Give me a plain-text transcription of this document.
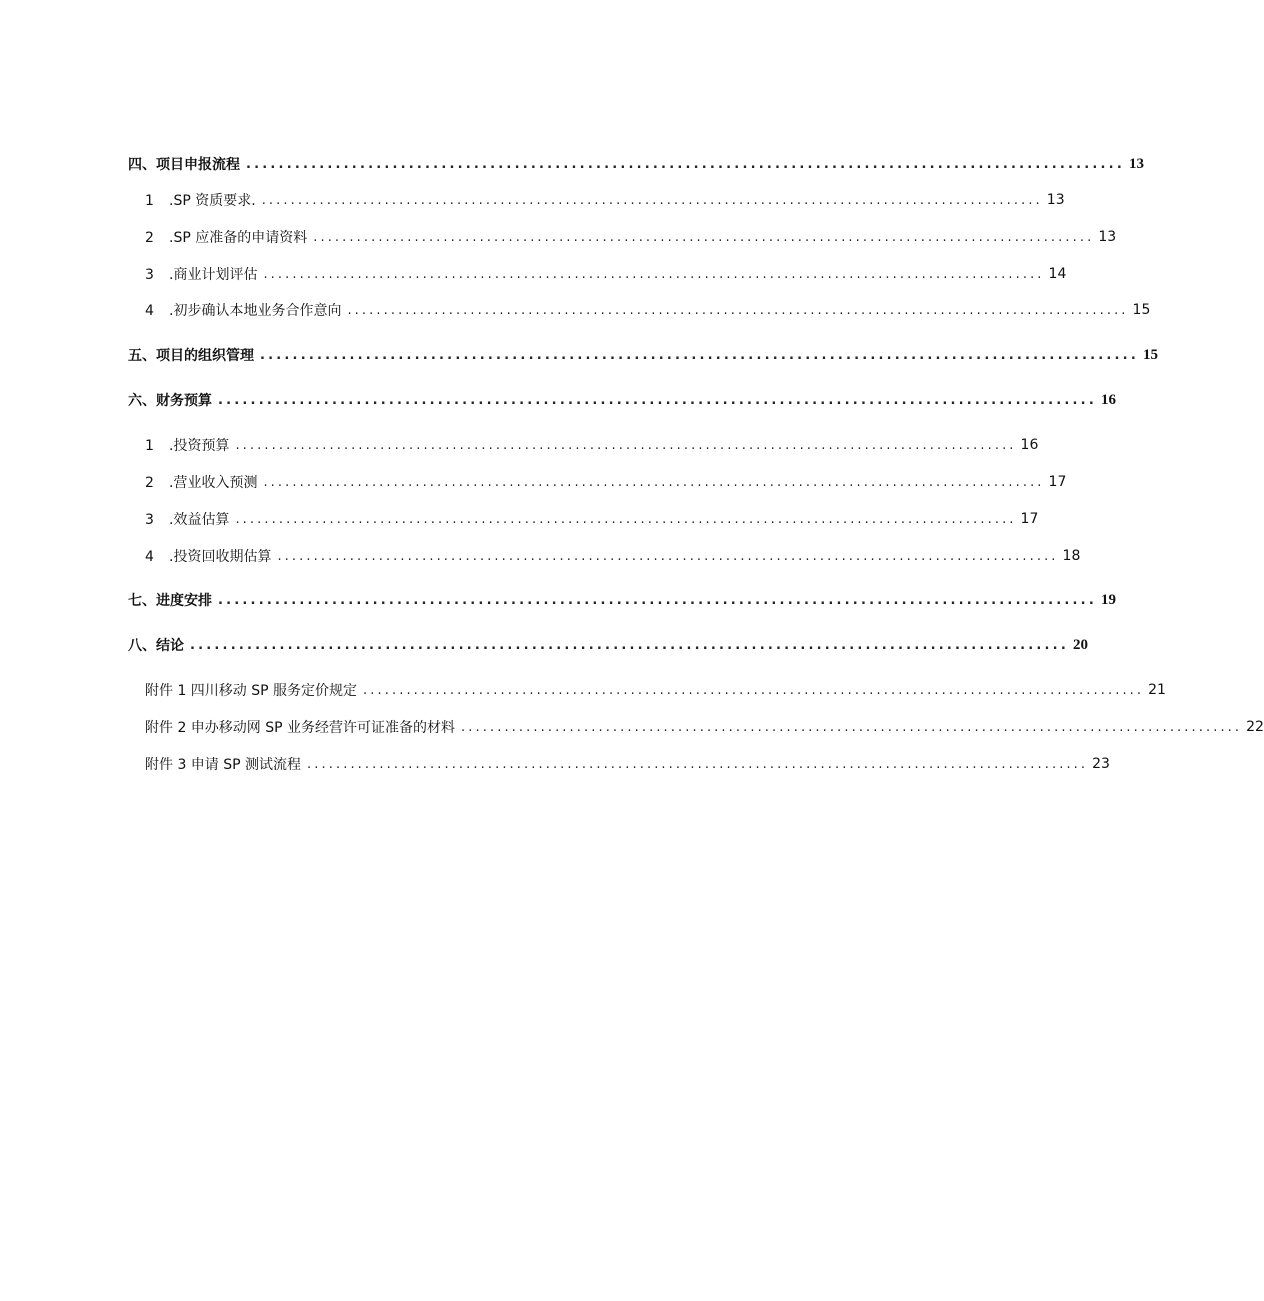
四、项目申报流程 ............................................................................................................ 13
1 .SP 资质要求. ............................................................................................................ 13
2 .SP 应准备的申请资料 ............................................................................................................ 13
3 .商业计划评估 ............................................................................................................ 14
4 .初步确认本地业务合作意向 ............................................................................................................ 15
五、项目的组织管理 ............................................................................................................ 15
六、财务预算 ............................................................................................................ 16
1 .投资预算 ............................................................................................................ 16
2 .营业收入预测 ............................................................................................................ 17
3 .效益估算 ............................................................................................................ 17
4 .投资回收期估算 ............................................................................................................ 18
七、进度安排 ............................................................................................................ 19
八、结论 ............................................................................................................ 20
附件 1 四川移动 SP 服务定价规定 ............................................................................................................ 21
附件 2 申办移动网 SP 业务经营许可证准备的材料 ............................................................................................................ 22
附件 3 申请 SP 测试流程 ............................................................................................................ 23
